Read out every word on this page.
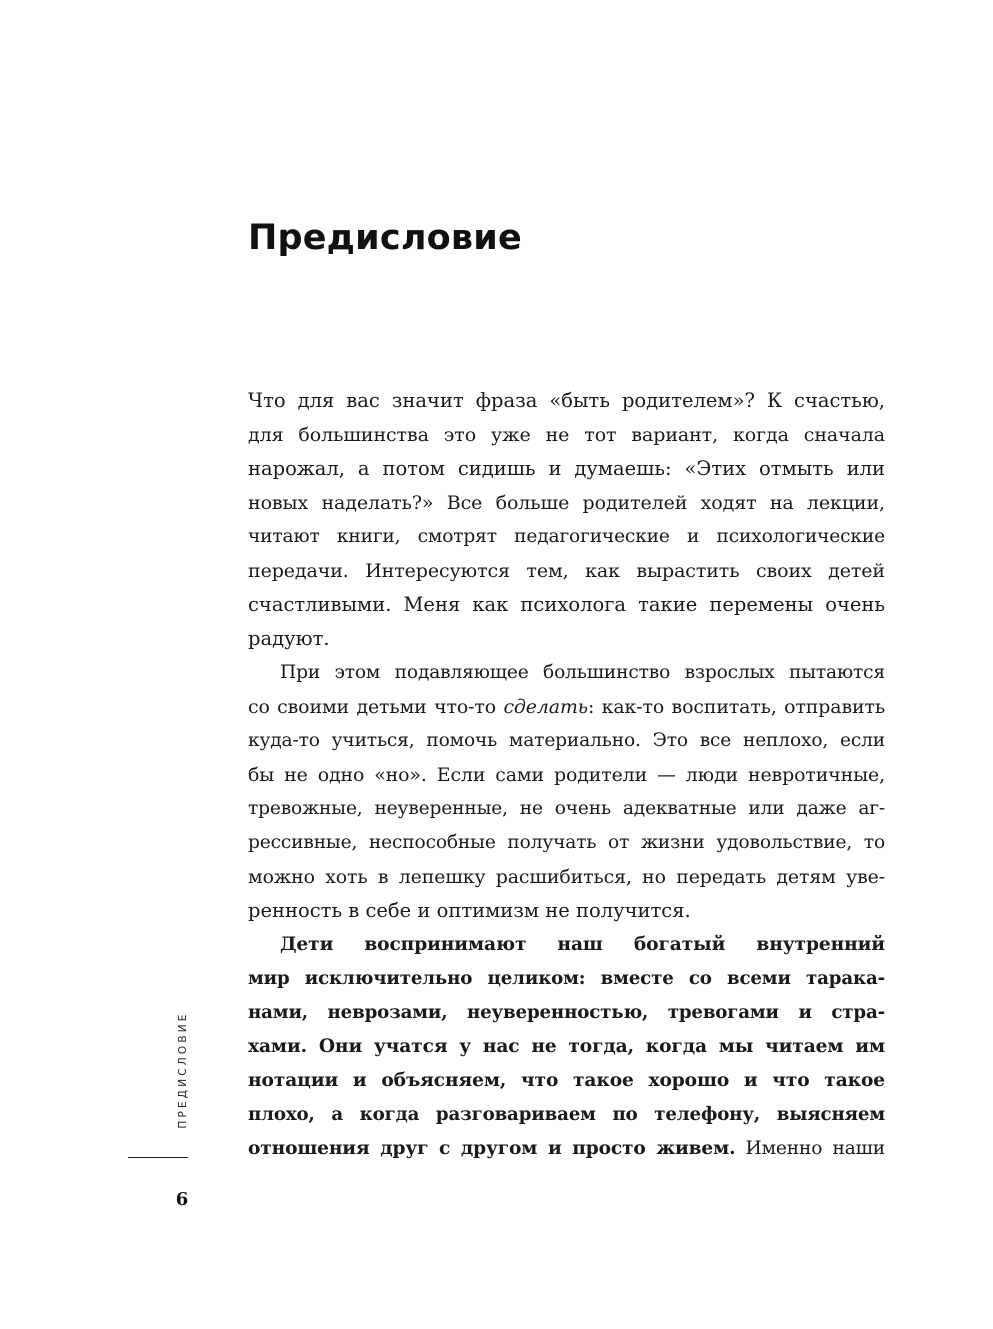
Предисловие

Что для вас значит фраза «быть родителем»? К счастью,
для большинства это уже не тот вариант, когда сначала
нарожал, а потом сидишь и думаешь: «Этих отмыть или
новых наделать?» Все больше родителей ходят на лекции,
читают книги, смотрят педагогические и психологические
передачи. Интересуются тем, как вырастить своих детей
счастливыми. Меня как психолога такие перемены очень
радуют.

При этом подавляющее большинство взрослых пытаются
со своими детьми что-то сделать: как-то воспитать, отправить
куда-то учиться, помочь материально. Это все неплохо, если
бы не одно «но». Если сами родители — люди невротичные,
тревожные, неуверенные, не очень адекватные или даже аг-
рессивные, неспособные получать от жизни удовольствие, то
можно хоть в лепешку расшибиться, но передать детям уве-
ренность в себе и оптимизм не получится.

Дети воспринимают наш богатый внутренний
мир исключительно целиком: вместе со всеми тарака-
нами, неврозами, неуверенностью, тревогами и стра-
хами. Они учатся у нас не тогда, когда мы читаем им
нотации и объясняем, что такое хорошо и что такое
плохо, а когда разговариваем по телефону, выясняем
отношения друг с другом и просто живем. Именно наши

ПРЕДИСЛОВИЕ
6
